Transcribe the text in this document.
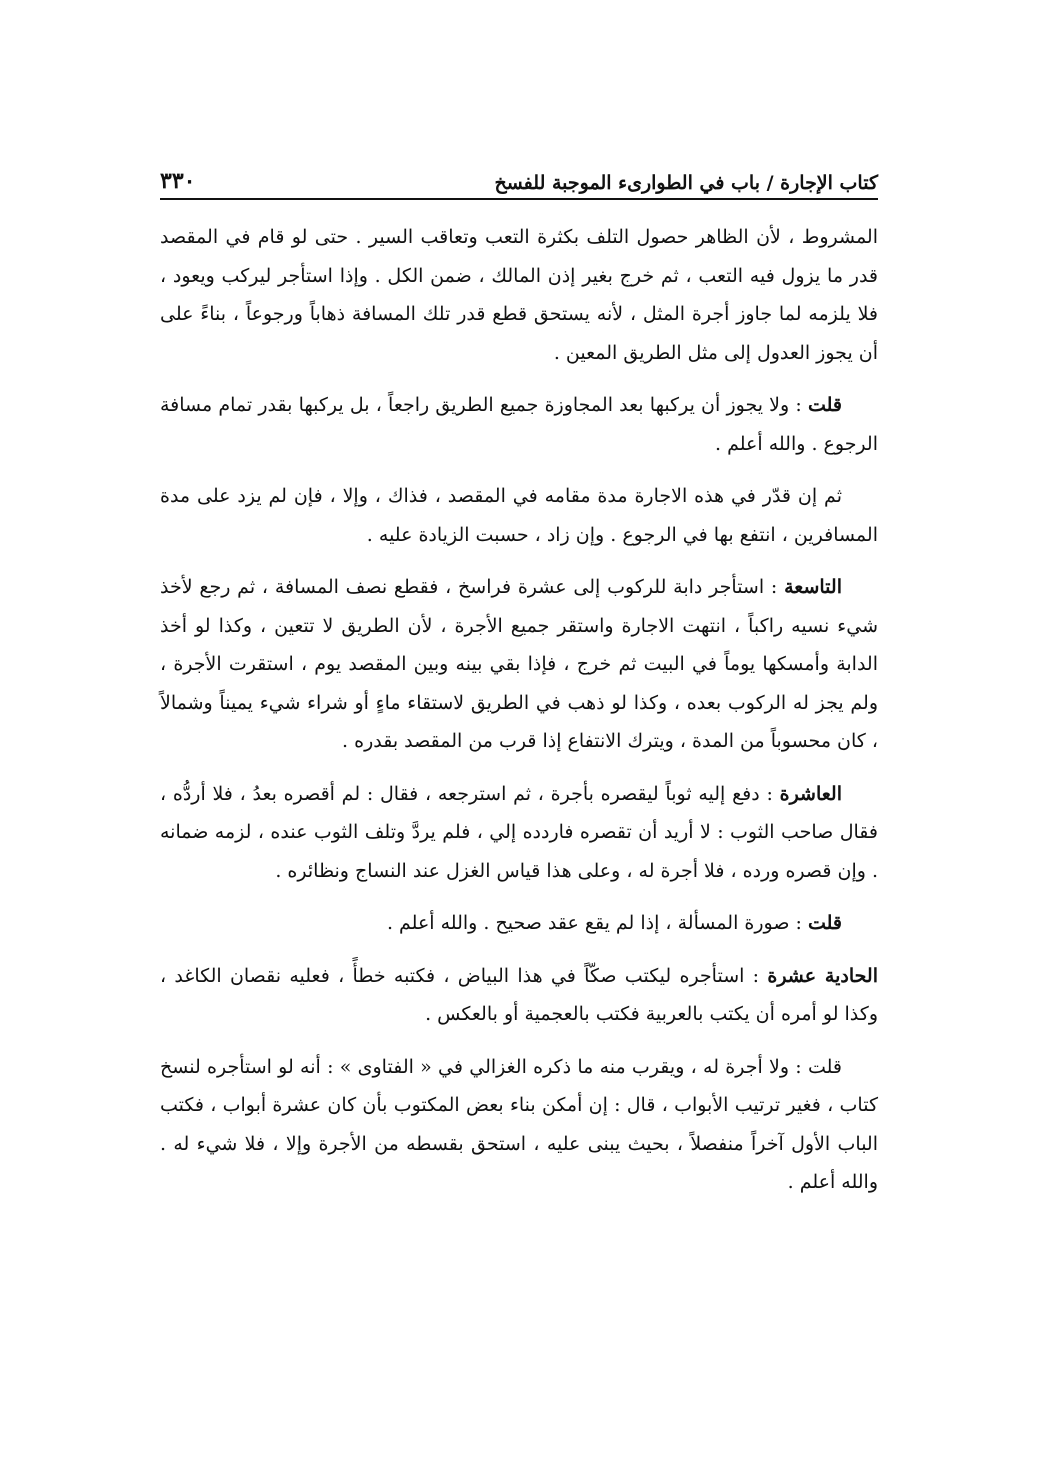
كتاب الإجارة / باب في الطوارىء الموجبة للفسخ
٣٣٠

المشروط ، لأن الظاهر حصول التلف بكثرة التعب وتعاقب السير . حتى لو قام في المقصد قدر ما يزول فيه التعب ، ثم خرج بغير إذن المالك ، ضمن الكل . وإذا استأجر ليركب ويعود ، فلا يلزمه لما جاوز أجرة المثل ، لأنه يستحق قطع قدر تلك المسافة ذهاباً ورجوعاً ، بناءً على أن يجوز العدول إلى مثل الطريق المعين .

قلت : ولا يجوز أن يركبها بعد المجاوزة جميع الطريق راجعاً ، بل يركبها بقدر تمام مسافة الرجوع . والله أعلم .

ثم إن قدّر في هذه الاجارة مدة مقامه في المقصد ، فذاك ، وإلا ، فإن لم يزد على مدة المسافرين ، انتفع بها في الرجوع . وإن زاد ، حسبت الزيادة عليه .

التاسعة : استأجر دابة للركوب إلى عشرة فراسخ ، فقطع نصف المسافة ، ثم رجع لأخذ شيء نسيه راكباً ، انتهت الاجارة واستقر جميع الأجرة ، لأن الطريق لا تتعين ، وكذا لو أخذ الدابة وأمسكها يوماً في البيت ثم خرج ، فإذا بقي بينه وبين المقصد يوم ، استقرت الأجرة ، ولم يجز له الركوب بعده ، وكذا لو ذهب في الطريق لاستقاء ماءٍ أو شراء شيء يميناً وشمالاً ، كان محسوباً من المدة ، ويترك الانتفاع إذا قرب من المقصد بقدره .

العاشرة : دفع إليه ثوباً ليقصره بأجرة ، ثم استرجعه ، فقال : لم أقصره بعدُ ، فلا أردُّه ، فقال صاحب الثوب : لا أريد أن تقصره فاردده إلي ، فلم يردَّ وتلف الثوب عنده ، لزمه ضمانه . وإن قصره ورده ، فلا أجرة له ، وعلى هذا قياس الغزل عند النساج ونظائره .

قلت : صورة المسألة ، إذا لم يقع عقد صحيح . والله أعلم .

الحادية عشرة : استأجره ليكتب صكّاً في هذا البياض ، فكتبه خطأً ، فعليه نقصان الكاغد ، وكذا لو أمره أن يكتب بالعربية فكتب بالعجمية أو بالعكس .

قلت : ولا أجرة له ، ويقرب منه ما ذكره الغزالي في « الفتاوى » : أنه لو استأجره لنسخ كتاب ، فغير ترتيب الأبواب ، قال : إن أمكن بناء بعض المكتوب بأن كان عشرة أبواب ، فكتب الباب الأول آخراً منفصلاً ، بحيث يبنى عليه ، استحق بقسطه من الأجرة وإلا ، فلا شيء له . والله أعلم .
